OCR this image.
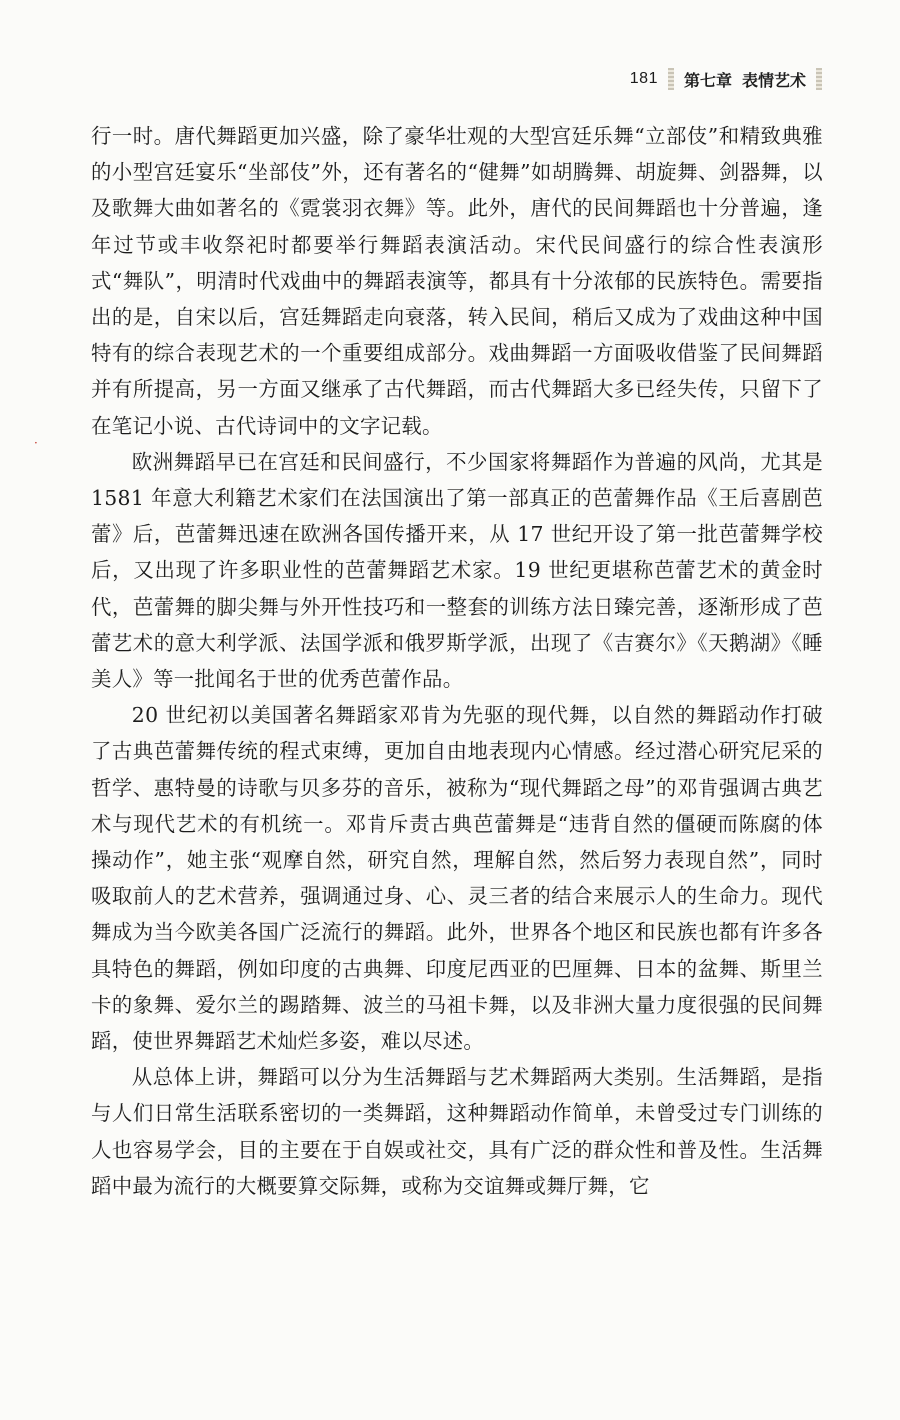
181 第七章 表情艺术
·

行一时。唐代舞蹈更加兴盛，除了豪华壮观的大型宫廷乐舞“立部伎”和精致典雅的小型宫廷宴乐“坐部伎”外，还有著名的“健舞”如胡腾舞、胡旋舞、剑器舞，以及歌舞大曲如著名的《霓裳羽衣舞》等。此外，唐代的民间舞蹈也十分普遍，逢年过节或丰收祭祀时都要举行舞蹈表演活动。宋代民间盛行的综合性表演形式“舞队”，明清时代戏曲中的舞蹈表演等，都具有十分浓郁的民族特色。需要指出的是，自宋以后，宫廷舞蹈走向衰落，转入民间，稍后又成为了戏曲这种中国特有的综合表现艺术的一个重要组成部分。戏曲舞蹈一方面吸收借鉴了民间舞蹈并有所提高，另一方面又继承了古代舞蹈，而古代舞蹈大多已经失传，只留下了在笔记小说、古代诗词中的文字记载。

欧洲舞蹈早已在宫廷和民间盛行，不少国家将舞蹈作为普遍的风尚，尤其是 1581 年意大利籍艺术家们在法国演出了第一部真正的芭蕾舞作品《王后喜剧芭蕾》后，芭蕾舞迅速在欧洲各国传播开来，从 17 世纪开设了第一批芭蕾舞学校后，又出现了许多职业性的芭蕾舞蹈艺术家。19 世纪更堪称芭蕾艺术的黄金时代，芭蕾舞的脚尖舞与外开性技巧和一整套的训练方法日臻完善，逐渐形成了芭蕾艺术的意大利学派、法国学派和俄罗斯学派，出现了《吉赛尔》《天鹅湖》《睡美人》等一批闻名于世的优秀芭蕾作品。

20 世纪初以美国著名舞蹈家邓肯为先驱的现代舞，以自然的舞蹈动作打破了古典芭蕾舞传统的程式束缚，更加自由地表现内心情感。经过潜心研究尼采的哲学、惠特曼的诗歌与贝多芬的音乐，被称为“现代舞蹈之母”的邓肯强调古典艺术与现代艺术的有机统一。邓肯斥责古典芭蕾舞是“违背自然的僵硬而陈腐的体操动作”，她主张“观摩自然，研究自然，理解自然，然后努力表现自然”，同时吸取前人的艺术营养，强调通过身、心、灵三者的结合来展示人的生命力。现代舞成为当今欧美各国广泛流行的舞蹈。此外，世界各个地区和民族也都有许多各具特色的舞蹈，例如印度的古典舞、印度尼西亚的巴厘舞、日本的盆舞、斯里兰卡的象舞、爱尔兰的踢踏舞、波兰的马祖卡舞，以及非洲大量力度很强的民间舞蹈，使世界舞蹈艺术灿烂多姿，难以尽述。

从总体上讲，舞蹈可以分为生活舞蹈与艺术舞蹈两大类别。生活舞蹈，是指与人们日常生活联系密切的一类舞蹈，这种舞蹈动作简单，未曾受过专门训练的人也容易学会，目的主要在于自娱或社交，具有广泛的群众性和普及性。生活舞蹈中最为流行的大概要算交际舞，或称为交谊舞或舞厅舞，它
